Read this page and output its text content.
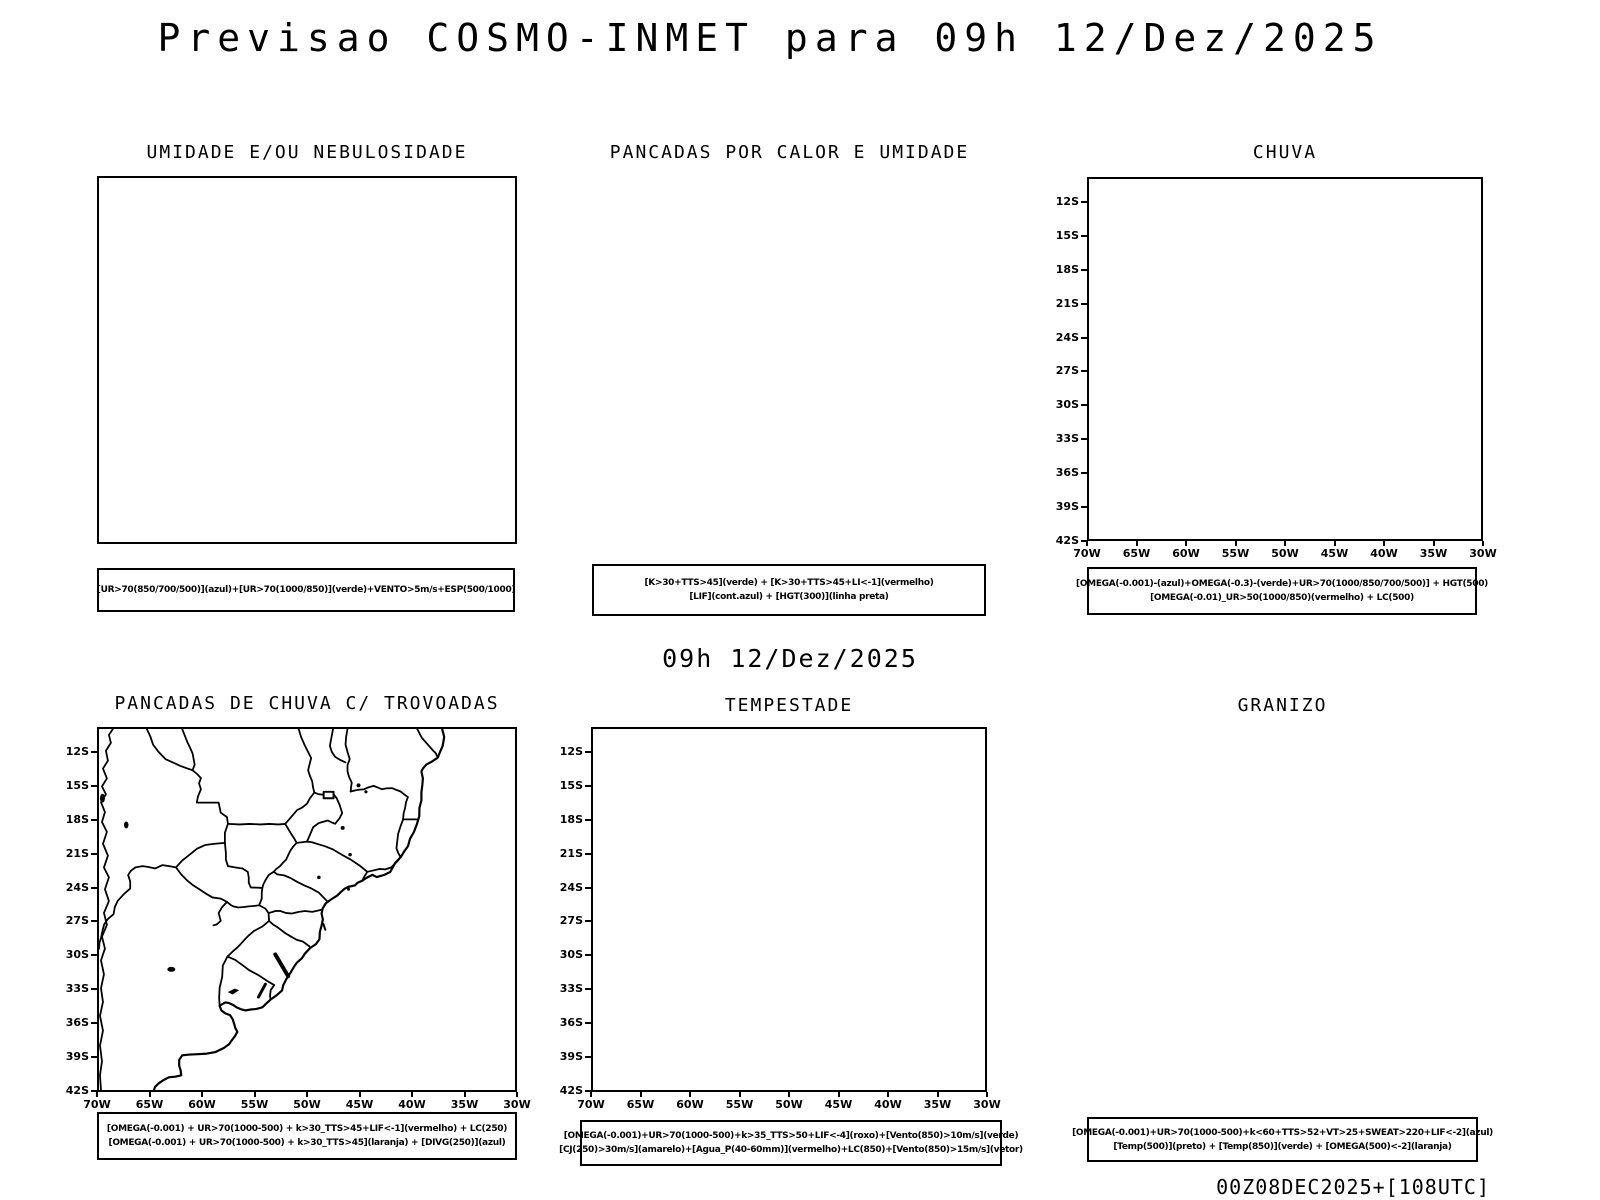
Previsao COSMO-INMET para 09h 12/Dez/2025
UMIDADE E/OU NEBULOSIDADE
[UR>70(850/700/500)](azul)+[UR>70(1000/850)](verde)+VENTO>5m/s+ESP(500/1000)
PANCADAS POR CALOR E UMIDADE
[K>30+TTS>45](verde) + [K>30+TTS>45+LI<-1](vermelho)
[LIF](cont.azul) + [HGT(300)](linha preta)
CHUVA
[OMEGA(-0.001)-(azul)+OMEGA(-0.3)-(verde)+UR>70(1000/850/700/500)] + HGT(500)
[OMEGA(-0.01)_UR>50(1000/850)(vermelho) + LC(500)
09h 12/Dez/2025
PANCADAS DE CHUVA C/ TROVOADAS
[OMEGA(-0.001) + UR>70(1000-500) + k>30_TTS>45+LIF<-1](vermelho) + LC(250)
[OMEGA(-0.001) + UR>70(1000-500) + k>30_TTS>45](laranja) + [DIVG(250)](azul)
TEMPESTADE
[OMEGA(-0.001)+UR>70(1000-500)+k>35_TTS>50+LIF<-4](roxo)+[Vento(850)>10m/s](verde)
[CJ(250)>30m/s](amarelo)+[Agua_P(40-60mm)](vermelho)+LC(850)+[Vento(850)>15m/s](vetor)
GRANIZO
[OMEGA(-0.001)+UR>70(1000-500)+k<60+TTS>52+VT>25+SWEAT>220+LIF<-2](azul)
[Temp(500)](preto) + [Temp(850)](verde) + [OMEGA(500)<-2](laranja)
00Z08DEC2025+[108UTC]
12S
15S
18S
21S
24S
27S
30S
33S
36S
39S
42S
70W 65W 60W 55W 50W 45W 40W 35W 30W
12S
15S
18S
21S
24S
27S
30S
33S
36S
39S
42S
70W 65W 60W 55W 50W 45W 40W 35W 30W
12S
15S
18S
21S
24S
27S
30S
33S
36S
39S
42S
70W 65W 60W 55W 50W 45W 40W 35W 30W
